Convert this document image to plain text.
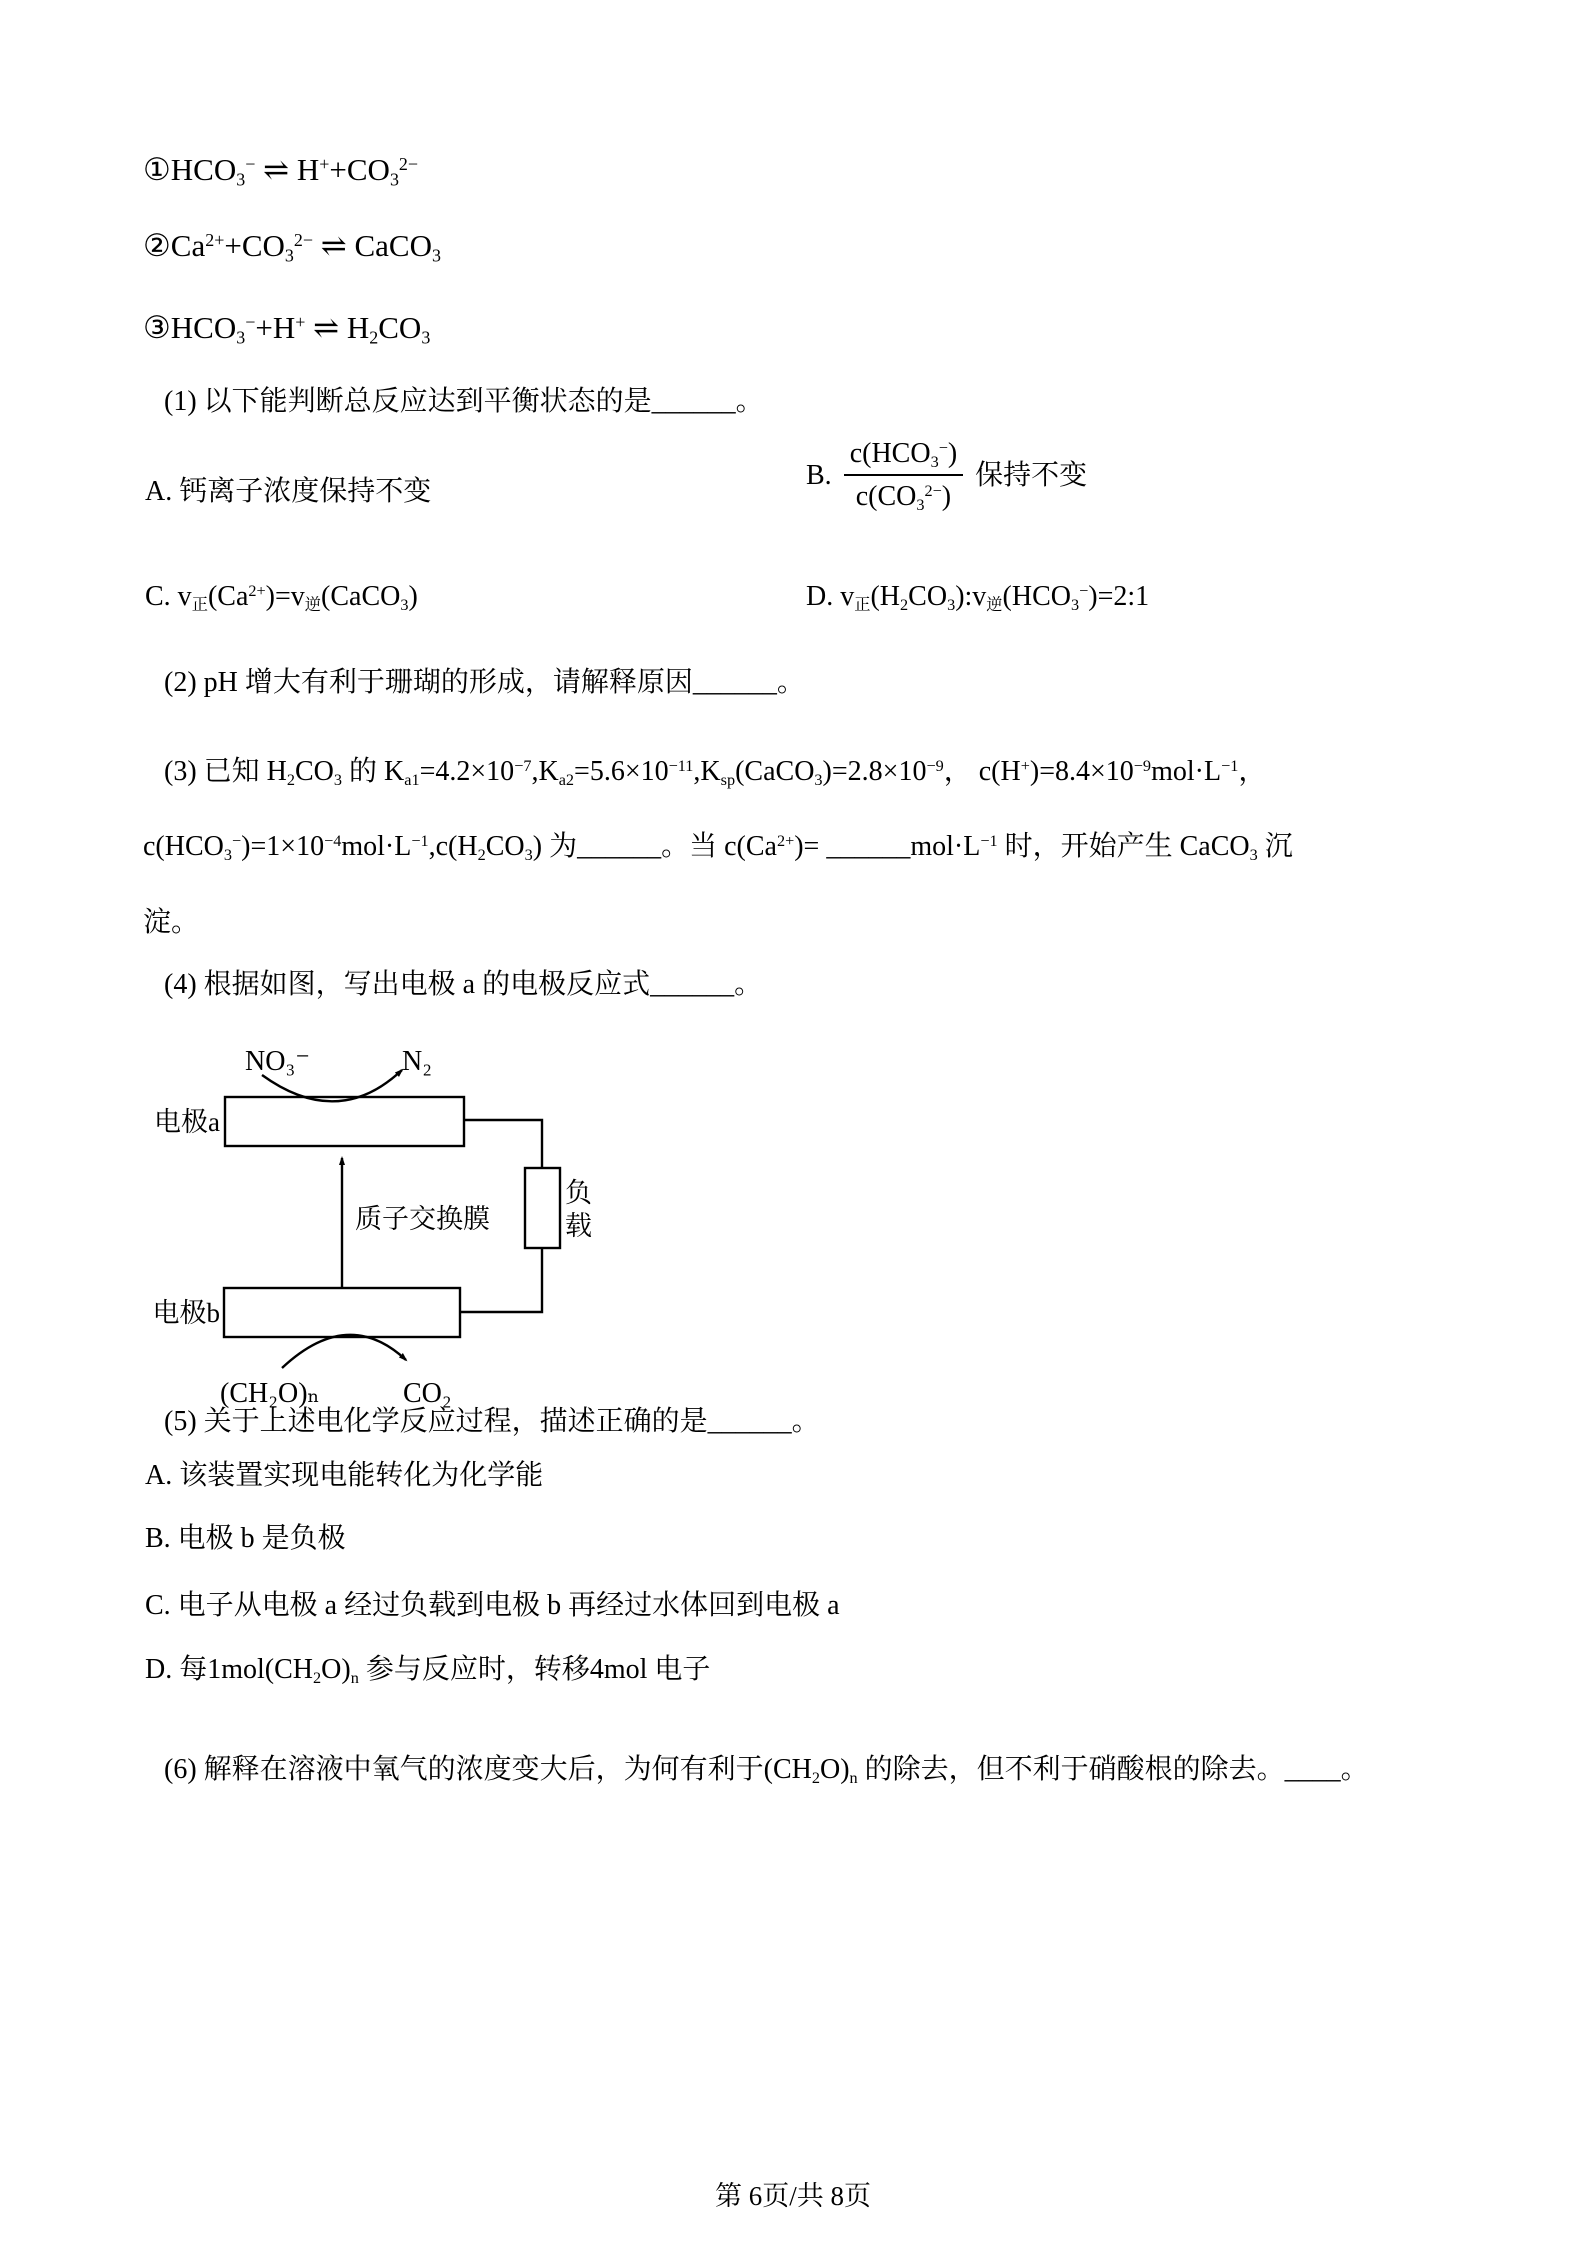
$①HCO_3^-$ ⇌ $H^++CO_3^{2-}$
$②Ca^{2+}+CO_3^{2-}$ ⇌ CaCO$_3$
$③HCO_3^-+H^+$ ⇌ $H_2CO_3$
(1) 以下能判断总反应达到平衡状态的是______。
A. 钙离子浓度保持不变
B. $\frac{c(HCO_3^-)}{c(CO_3^{2-})}$ 保持不变
C. $v_正(Ca^{2+})=v_逆(CaCO_3)$	D. $v_正(H_2CO_3):v_逆(HCO_3^-)=2:1$
(2) pH 增大有利于珊瑚的形成，请解释原因______。
(3) 已知 $H_2CO_3$ 的 $K_{a1}=4.2\times 10^{-7},K_{a2}=5.6\times 10^{-11},K_{sp}(CaCO_3)=2.8\times 10^{-9}$， $c(H^+)=8.4\times 10^{-9}mol\cdot L^{-1}$，
$c(HCO_3^-)=1\times 10^{-4}mol\cdot L^{-1},c(H_2CO_3)$ 为______。当 $c(Ca^{2+})=$ $\_\_\_\_\_\_mol\cdot L^{-1}$ 时，开始产生 CaCO$_3$ 沉
淀。
(4) 根据如图，写出电极 a 的电极反应式______。
NO₃⁻	N₂
电极a
质子交换膜
负
载
电极b
(CH₂O)ₙ	CO₂
(5) 关于上述电化学反应过程，描述正确的是______。
A. 该装置实现电能转化为化学能
B. 电极 b 是负极
C. 电子从电极 a 经过负载到电极 b 再经过水体回到电极 a
D. 每$1mol(CH_2O)_n$ 参与反应时，转移4mol 电子
(6) 解释在溶液中氧气的浓度变大后，为何有利于$(CH_2O)_n$ 的除去，但不利于硝酸根的除去。____。
第 6页/共 8页
